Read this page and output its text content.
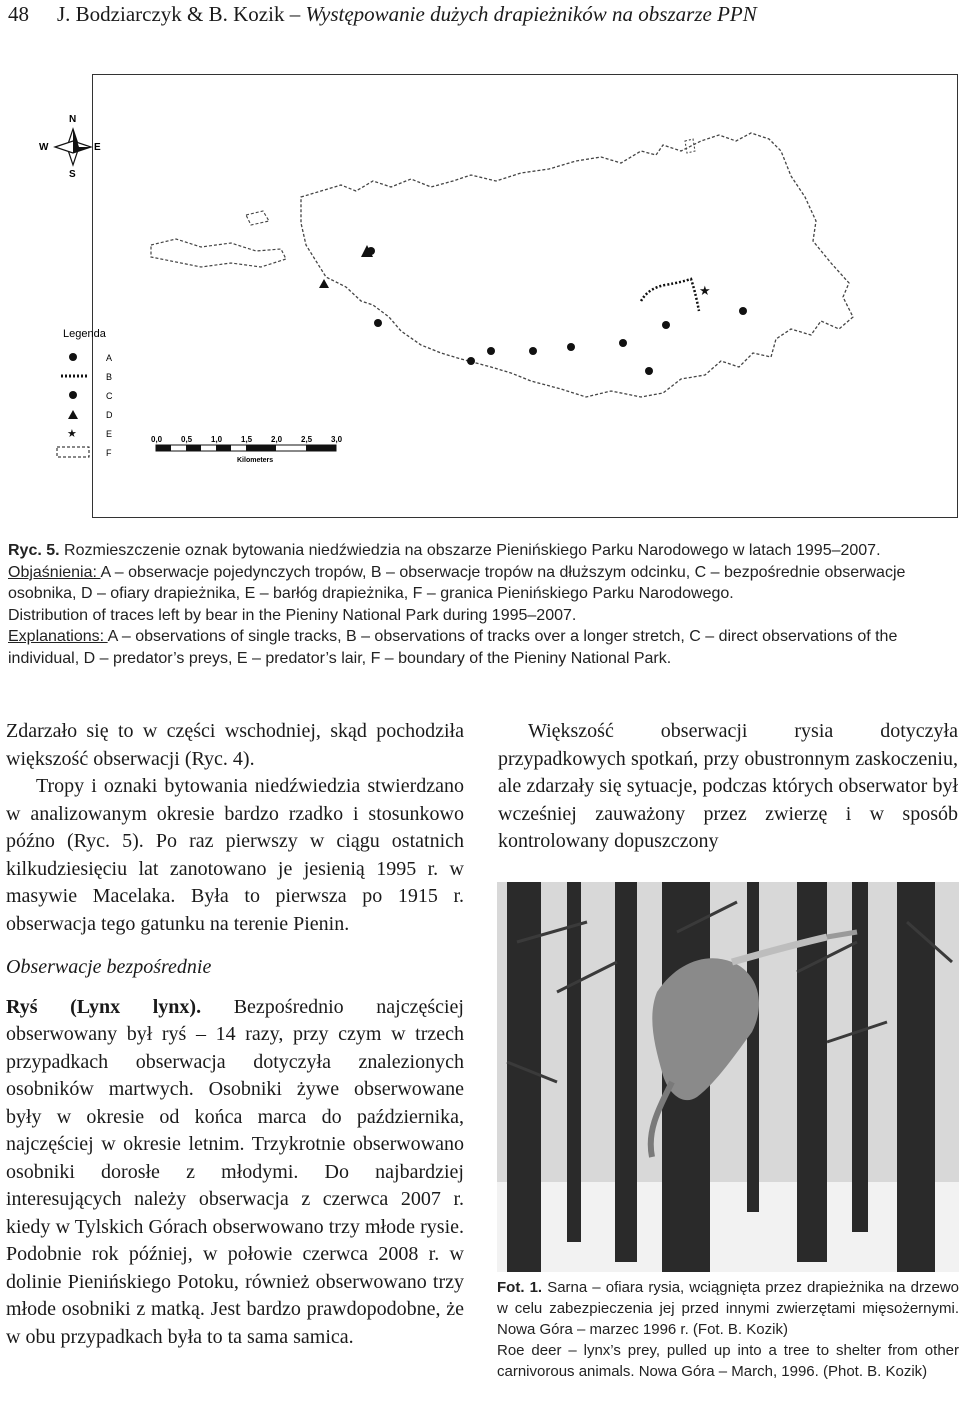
48 J. Bodziarczyk & B. Kozik – Występowanie dużych drapieżników na obszarze PPN
N
E
W
S
★
Legenda
★
A
B
C
D
E
F
0,0 0,5 1,0 1,5 2,0 2,5 3,0
Kilometers

Ryc. 5. Rozmieszczenie oznak bytowania niedźwiedzia na obszarze Pienińskiego Parku Narodowego w latach 1995–2007.

Objaśnienia: A – obserwacje pojedynczych tropów, B – obserwacje tropów na dłuższym odcinku, C – bezpośrednie obserwacje osobnika, D – ofiary drapieżnika, E – barłóg drapieżnika, F – granica Pienińskiego Parku Narodowego.

Distribution of traces left by bear in the Pieniny National Park during 1995–2007.

Explanations: A – observations of single tracks, B – observations of tracks over a longer stretch, C – direct observations of the individual, D – predator’s preys, E – predator’s lair, F – boundary of the Pieniny National Park.

Zdarzało się to w części wschodniej, skąd pochodziła większość obserwacji (Ryc. 4).

Tropy i oznaki bytowania niedźwiedzia stwierdzano w analizowanym okresie bardzo rzadko i stosunkowo późno (Ryc. 5). Po raz pierwszy w ciągu ostatnich kilkudziesięciu lat zanotowano je jesienią 1995 r. w masywie Macelaka. Była to pierwsza po 1915 r. obserwacja tego gatunku na terenie Pienin.

Obserwacje bezpośrednie

Ryś (Lynx lynx). Bezpośrednio najczęściej obserwowany był ryś – 14 razy, przy czym w trzech przypadkach obserwacja dotyczyła znalezionych osobników martwych. Osobniki żywe obserwowane były w okresie od końca marca do października, najczęściej w okresie letnim. Trzykrotnie obserwowano osobniki dorosłe z młodymi. Do najbardziej interesujących należy obserwacja z czerwca 2007 r. kiedy w Tylskich Górach obserwowano trzy młode rysie. Podobnie rok później, w połowie czerwca 2008 r. w dolinie Pienińskiego Potoku, również obserwowano trzy młode osobniki z matką. Jest bardzo prawdopodobne, że w obu przypadkach była to ta sama samica.

Większość obserwacji rysia dotyczyła przypadkowych spotkań, przy obustronnym zaskoczeniu, ale zdarzały się sytuacje, podczas których obserwator był wcześniej zauważony przez zwierzę i w sposób kontrolowany dopuszczony

Fot. 1. Sarna – ofiara rysia, wciągnięta przez drapieżnika na drzewo w celu zabezpieczenia jej przed innymi zwierzętami mięsożernymi. Nowa Góra – marzec 1996 r. (Fot. B. Kozik)

Roe deer – lynx’s prey, pulled up into a tree to shelter from other carnivorous animals. Nowa Góra – March, 1996. (Phot. B. Kozik)
